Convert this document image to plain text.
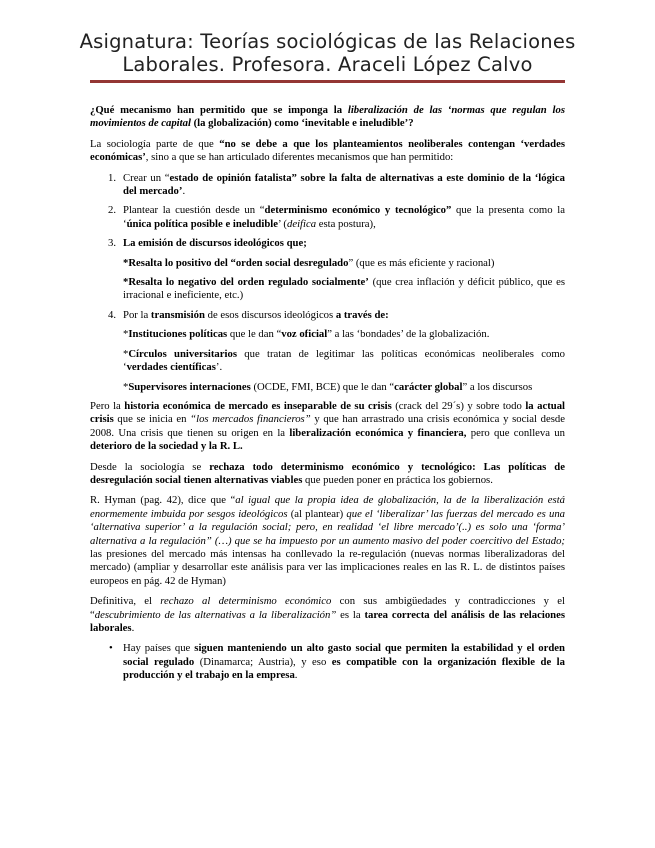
Asignatura: Teorías sociológicas de las Relaciones
Laborales. Profesora. Araceli López Calvo

¿Qué mecanismo han permitido que se imponga la liberalización de las ‘normas que regulan los movimientos de capital (la globalización) como ‘inevitable e ineludible’?

La sociología parte de que “no se debe a que los planteamientos neoliberales contengan ‘verdades económicas’, sino a que se han articulado diferentes mecanismos que han permitido:

1. Crear un “estado de opinión fatalista” sobre la falta de alternativas a este dominio de la ‘lógica del mercado’.
2. Plantear la cuestión desde un “determinismo económico y tecnológico” que la presenta como la ‘única política posible e ineludible’ (deifica esta postura),
3. La emisión de discursos ideológicos que;

*Resalta lo positivo del “orden social desregulado” (que es más eficiente y racional)

*Resalta lo negativo del orden regulado socialmente’ (que crea inflación y déficit público, que es irracional e ineficiente, etc.)

4. Por la transmisión de esos discursos ideológicos a través de:

*Instituciones políticas que le dan “voz oficial” a las ‘bondades’ de la globalización.

*Círculos universitarios que tratan de legitimar las políticas económicas neoliberales como ‘verdades científicas’.

*Supervisores internaciones (OCDE, FMI, BCE) que le dan “carácter global” a los discursos

Pero la historia económica de mercado es inseparable de su crisis (crack del 29´s) y sobre todo la actual crisis que se inicia en “los mercados financieros” y que han arrastrado una crisis económica y social desde 2008. Una crisis que tienen su origen en la liberalización económica y financiera, pero que conlleva un deterioro de la sociedad y la R. L.

Desde la sociología se rechaza todo determinismo económico y tecnológico: Las políticas de desregulación social tienen alternativas viables que pueden poner en práctica los gobiernos.

R. Hyman (pag. 42), dice que “al igual que la propia idea de globalización, la de la liberalización está enormemente imbuida por sesgos ideológicos (al plantear) que el ‘liberalizar’ las fuerzas del mercado es una ‘alternativa superior’ a la regulación social; pero, en realidad ‘el libre mercado’(..) es solo una ‘forma’ alternativa a la regulación” (…) que se ha impuesto por un aumento masivo del poder coercitivo del Estado; las presiones del mercado más intensas ha conllevado la re-regulación (nuevas normas liberalizadoras del mercado) (ampliar y desarrollar este análisis para ver las implicaciones reales en las R. L. de distintos países europeos en pág. 42 de Hyman)

Definitiva, el rechazo al determinismo económico con sus ambigüedades y contradicciones y el “descubrimiento de las alternativas a la liberalización” es la tarea correcta del análisis de las relaciones laborales.

• Hay países que siguen manteniendo un alto gasto social que permiten la estabilidad y el orden social regulado (Dinamarca; Austria), y eso es compatible con la organización flexible de la producción y el trabajo en la empresa.
